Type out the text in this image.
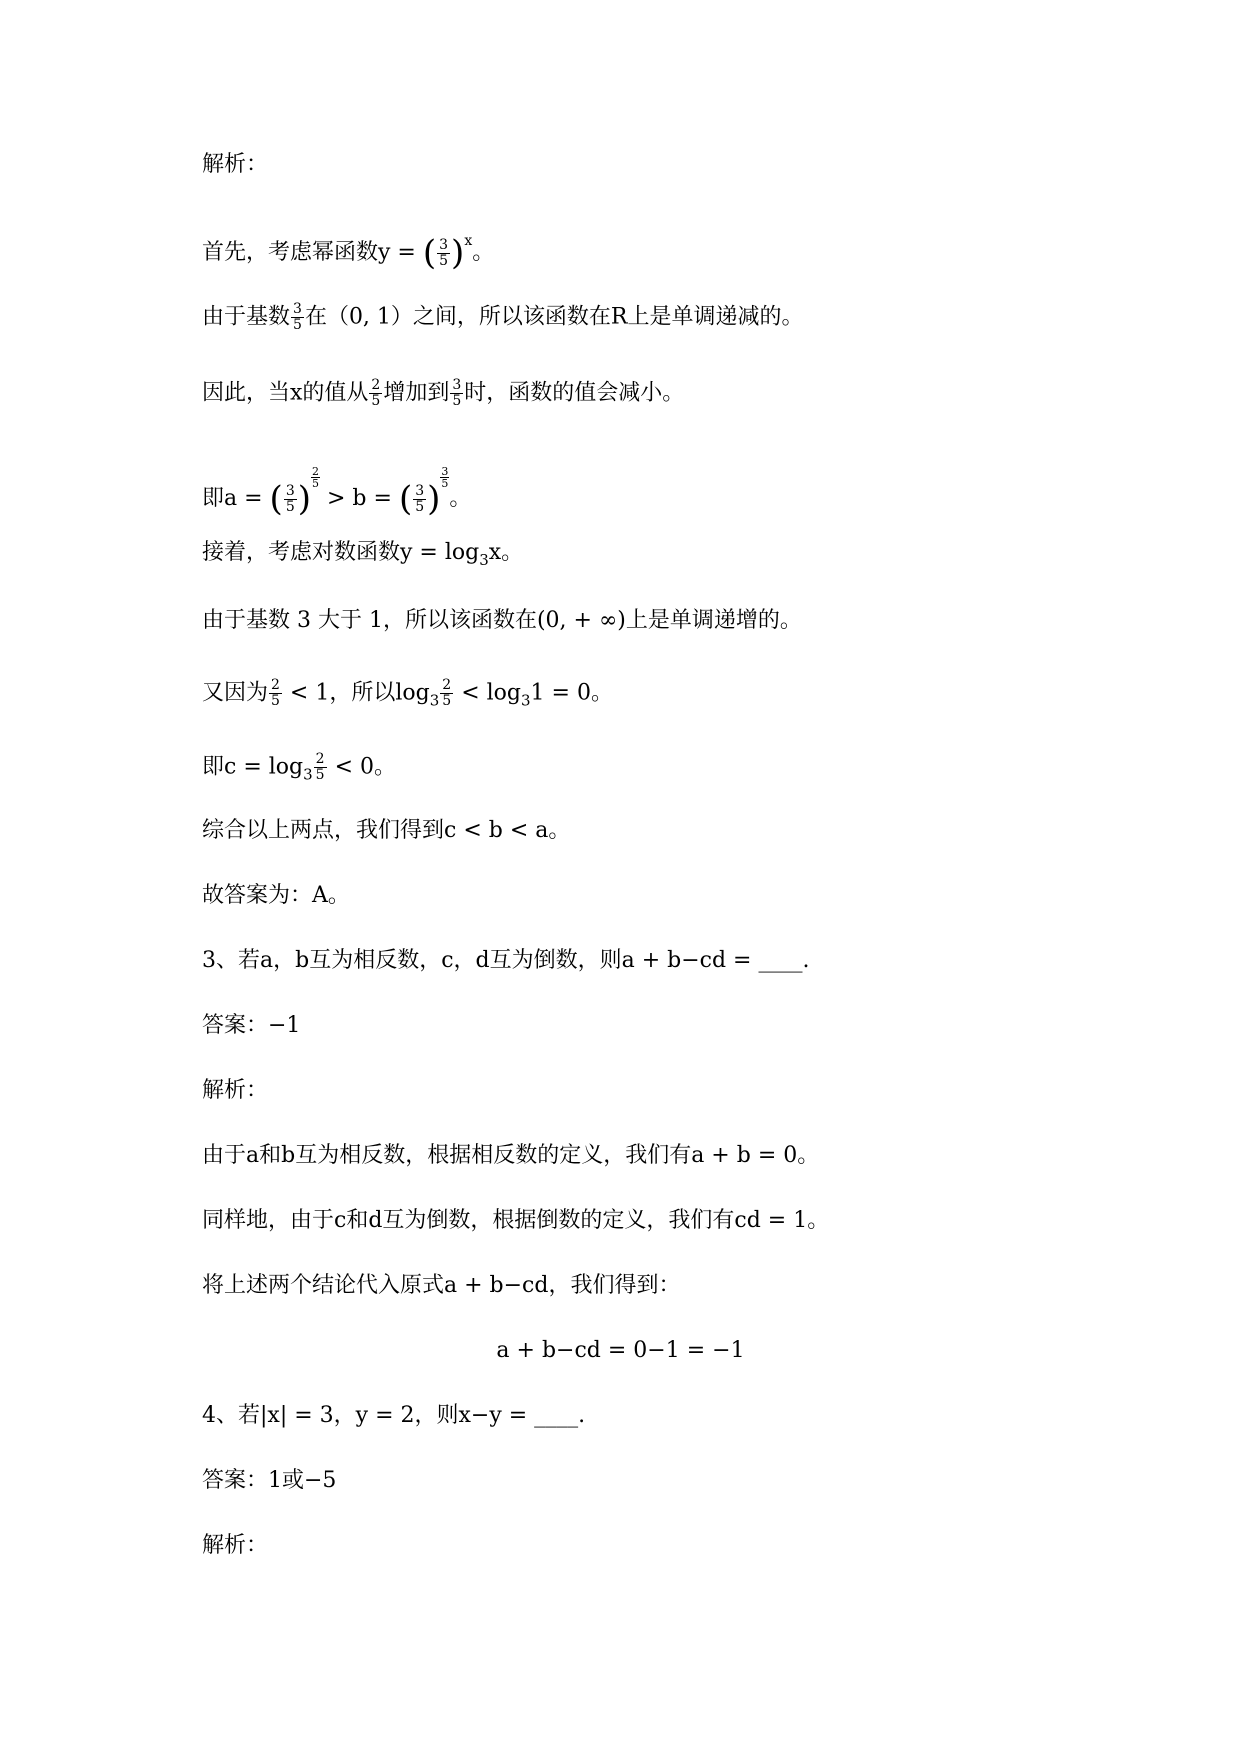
解析：
首先，考虑幂函数y = ( $\frac{3}{5} )^x$。
由于基数 $\frac{3}{5}$ 在（0, 1）之间，所以该函数在R上是单调递减的。
因此，当x的值从 $\frac{2}{5}$ 增加到 $\frac{3}{5}$ 时，函数的值会减小。
即a = ( $\frac{3}{5}$ )
$\frac{2}{5}$
> b = ( $\frac{3}{5}$ )
$\frac{3}{5}$
。
接着，考虑对数函数$y = \log_3x$。
由于基数 3 大于 1，所以该函数在(0, + ∞)上是单调递增的。
又因为 $\frac{2}{5} < 1$，所以$\log_3 \frac{2}{5} < \log_31 = 0$。
即$c = \log_3 \frac{2}{5} < 0$。
综合以上两点，我们得到c < b < a。
故答案为：A。
3、若a，b互为相反数，c，d互为倒数，则a + b−cd = ____.
答案：−1
解析：
由于a和b互为相反数，根据相反数的定义，我们有a + b = 0。
同样地，由于c和d互为倒数，根据倒数的定义，我们有cd = 1。
将上述两个结论代入原式a + b−cd，我们得到：
a + b−cd = 0−1 = −1
4、若|x| = 3，y = 2，则x−y = ____.
答案：1或−5
解析：
